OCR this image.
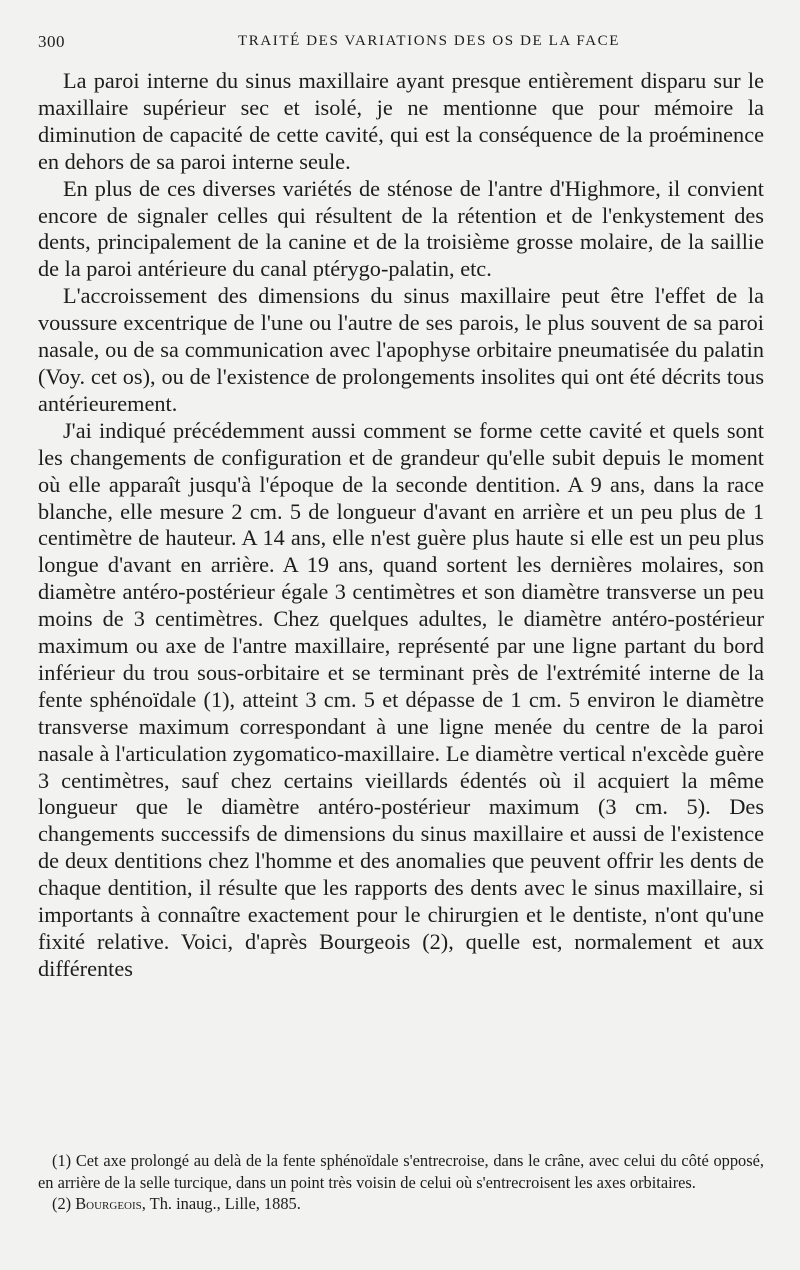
300	TRAITÉ DES VARIATIONS DES OS DE LA FACE

La paroi interne du sinus maxillaire ayant presque entièrement disparu sur le maxillaire supérieur sec et isolé, je ne mentionne que pour mémoire la diminution de capacité de cette cavité, qui est la conséquence de la proéminence en dehors de sa paroi interne seule.

En plus de ces diverses variétés de sténose de l'antre d'Highmore, il convient encore de signaler celles qui résultent de la rétention et de l'enkystement des dents, principalement de la canine et de la troisième grosse molaire, de la saillie de la paroi antérieure du canal ptérygo-palatin, etc.

L'accroissement des dimensions du sinus maxillaire peut être l'effet de la voussure excentrique de l'une ou l'autre de ses parois, le plus souvent de sa paroi nasale, ou de sa communication avec l'apophyse orbitaire pneumatisée du palatin (Voy. cet os), ou de l'existence de prolongements insolites qui ont été décrits tous antérieurement.

J'ai indiqué précédemment aussi comment se forme cette cavité et quels sont les changements de configuration et de grandeur qu'elle subit depuis le moment où elle apparaît jusqu'à l'époque de la seconde dentition. A 9 ans, dans la race blanche, elle mesure 2 cm. 5 de longueur d'avant en arrière et un peu plus de 1 centimètre de hauteur. A 14 ans, elle n'est guère plus haute si elle est un peu plus longue d'avant en arrière. A 19 ans, quand sortent les dernières molaires, son diamètre antéro-postérieur égale 3 centimètres et son diamètre transverse un peu moins de 3 centimètres. Chez quelques adultes, le diamètre antéro-postérieur maximum ou axe de l'antre maxillaire, représenté par une ligne partant du bord inférieur du trou sous-orbitaire et se terminant près de l'extrémité interne de la fente sphénoïdale (1), atteint 3 cm. 5 et dépasse de 1 cm. 5 environ le diamètre transverse maximum correspondant à une ligne menée du centre de la paroi nasale à l'articulation zygomatico-maxillaire. Le diamètre vertical n'excède guère 3 centimètres, sauf chez certains vieillards édentés où il acquiert la même longueur que le diamètre antéro-postérieur maximum (3 cm. 5). Des changements successifs de dimensions du sinus maxillaire et aussi de l'existence de deux dentitions chez l'homme et des anomalies que peuvent offrir les dents de chaque dentition, il résulte que les rapports des dents avec le sinus maxillaire, si importants à connaître exactement pour le chirurgien et le dentiste, n'ont qu'une fixité relative. Voici, d'après Bourgeois (2), quelle est, normalement et aux différentes

(1) Cet axe prolongé au delà de la fente sphénoïdale s'entrecroise, dans le crâne, avec celui du côté opposé, en arrière de la selle turcique, dans un point très voisin de celui où s'entrecroisent les axes orbitaires.

(2) Bourgeois, Th. inaug., Lille, 1885.
